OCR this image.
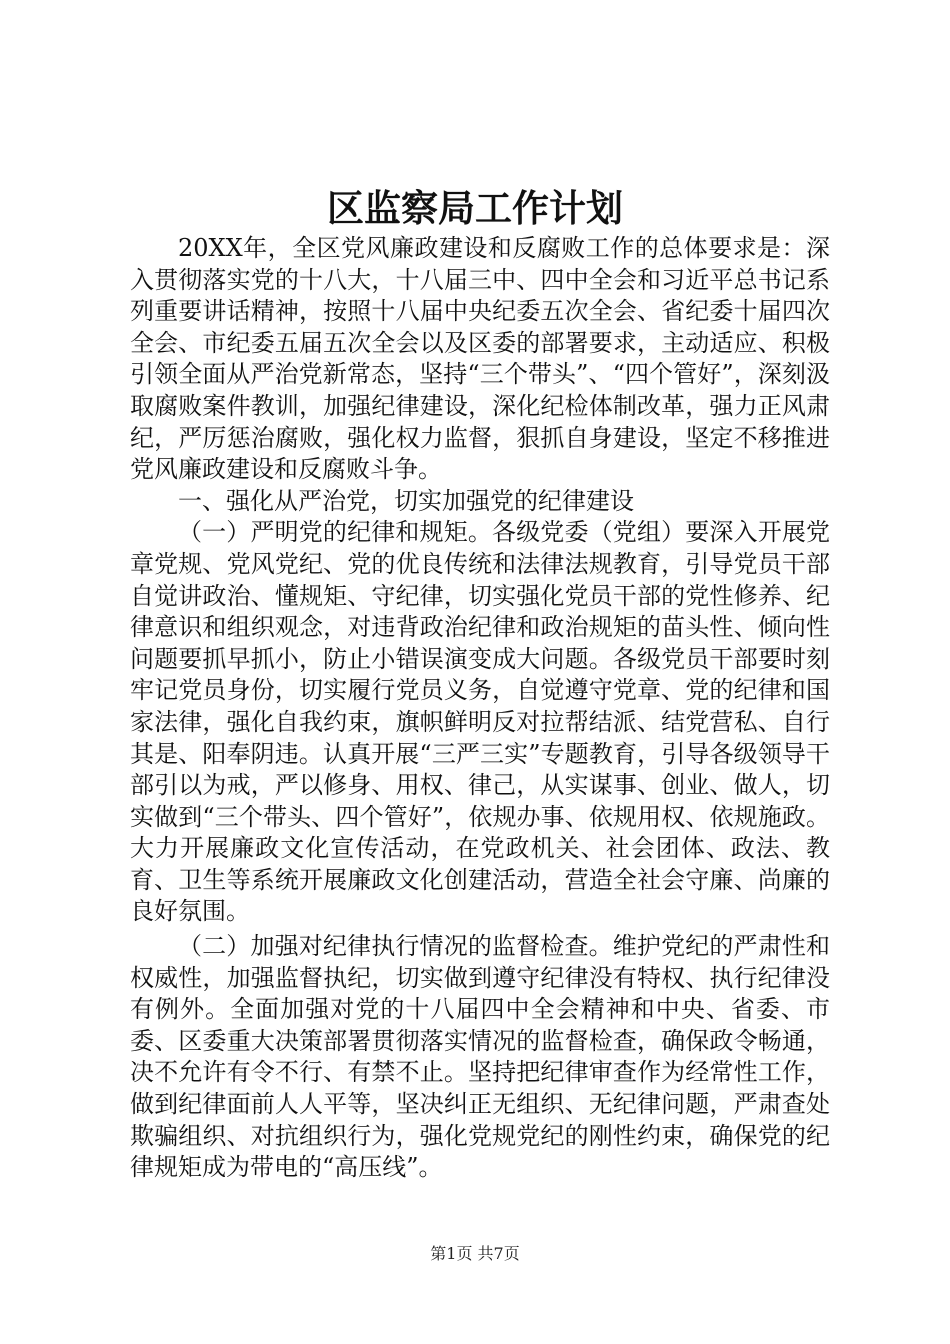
区监察局工作计划

20XX年，全区党风廉政建设和反腐败工作的总体要求是：深入贯彻落实党的十八大，十八届三中、四中全会和习近平总书记系列重要讲话精神，按照十八届中央纪委五次全会、省纪委十届四次全会、市纪委五届五次全会以及区委的部署要求，主动适应、积极引领全面从严治党新常态，坚持“三个带头”、“四个管好”，深刻汲取腐败案件教训，加强纪律建设，深化纪检体制改革，强力正风肃纪，严厉惩治腐败，强化权力监督，狠抓自身建设，坚定不移推进党风廉政建设和反腐败斗争。

一、强化从严治党，切实加强党的纪律建设

（一）严明党的纪律和规矩。各级党委（党组）要深入开展党章党规、党风党纪、党的优良传统和法律法规教育，引导党员干部自觉讲政治、懂规矩、守纪律，切实强化党员干部的党性修养、纪律意识和组织观念，对违背政治纪律和政治规矩的苗头性、倾向性问题要抓早抓小，防止小错误演变成大问题。各级党员干部要时刻牢记党员身份，切实履行党员义务，自觉遵守党章、党的纪律和国家法律，强化自我约束，旗帜鲜明反对拉帮结派、结党营私、自行其是、阳奉阴违。认真开展“三严三实”专题教育，引导各级领导干部引以为戒，严以修身、用权、律己，从实谋事、创业、做人，切实做到“三个带头、四个管好”，依规办事、依规用权、依规施政。大力开展廉政文化宣传活动，在党政机关、社会团体、政法、教育、卫生等系统开展廉政文化创建活动，营造全社会守廉、尚廉的良好氛围。

（二）加强对纪律执行情况的监督检查。维护党纪的严肃性和权威性，加强监督执纪，切实做到遵守纪律没有特权、执行纪律没有例外。全面加强对党的十八届四中全会精神和中央、省委、市委、区委重大决策部署贯彻落实情况的监督检查，确保政令畅通，决不允许有令不行、有禁不止。坚持把纪律审查作为经常性工作，做到纪律面前人人平等，坚决纠正无组织、无纪律问题，严肃查处欺骗组织、对抗组织行为，强化党规党纪的刚性约束，确保党的纪律规矩成为带电的“高压线”。

第1页 共7页
